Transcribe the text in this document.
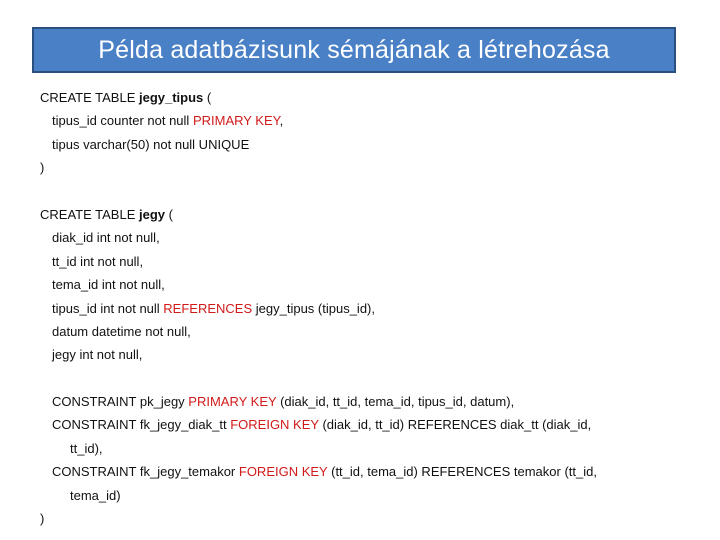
Példa adatbázisunk sémájának a létrehozása
CREATE TABLE jegy_tipus (
tipus_id counter not null PRIMARY KEY,
tipus varchar(50) not null UNIQUE
)
CREATE TABLE jegy (
diak_id int not null,
tt_id int not null,
tema_id int not null,
tipus_id int not null REFERENCES jegy_tipus (tipus_id),
datum datetime not null,
jegy int not null,
CONSTRAINT pk_jegy PRIMARY KEY (diak_id, tt_id, tema_id, tipus_id, datum),
CONSTRAINT fk_jegy_diak_tt FOREIGN KEY (diak_id, tt_id) REFERENCES diak_tt (diak_id,
tt_id),
CONSTRAINT fk_jegy_temakor FOREIGN KEY (tt_id, tema_id) REFERENCES temakor (tt_id,
tema_id)
)
